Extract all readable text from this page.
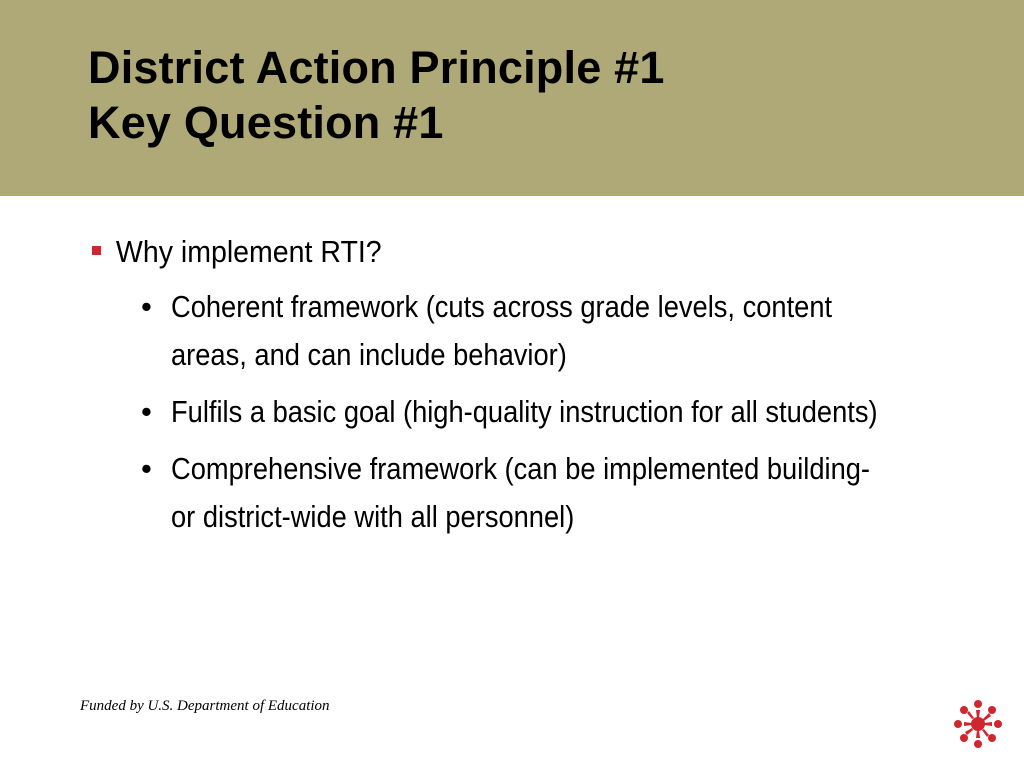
District Action Principle #1
Key Question #1
Why implement RTI?
• Coherent framework (cuts across grade levels, content areas, and can include behavior)
• Fulfils a basic goal (high-quality instruction for all students)
• Comprehensive framework (can be implemented building- or district-wide with all personnel)
Funded by U.S. Department of Education
